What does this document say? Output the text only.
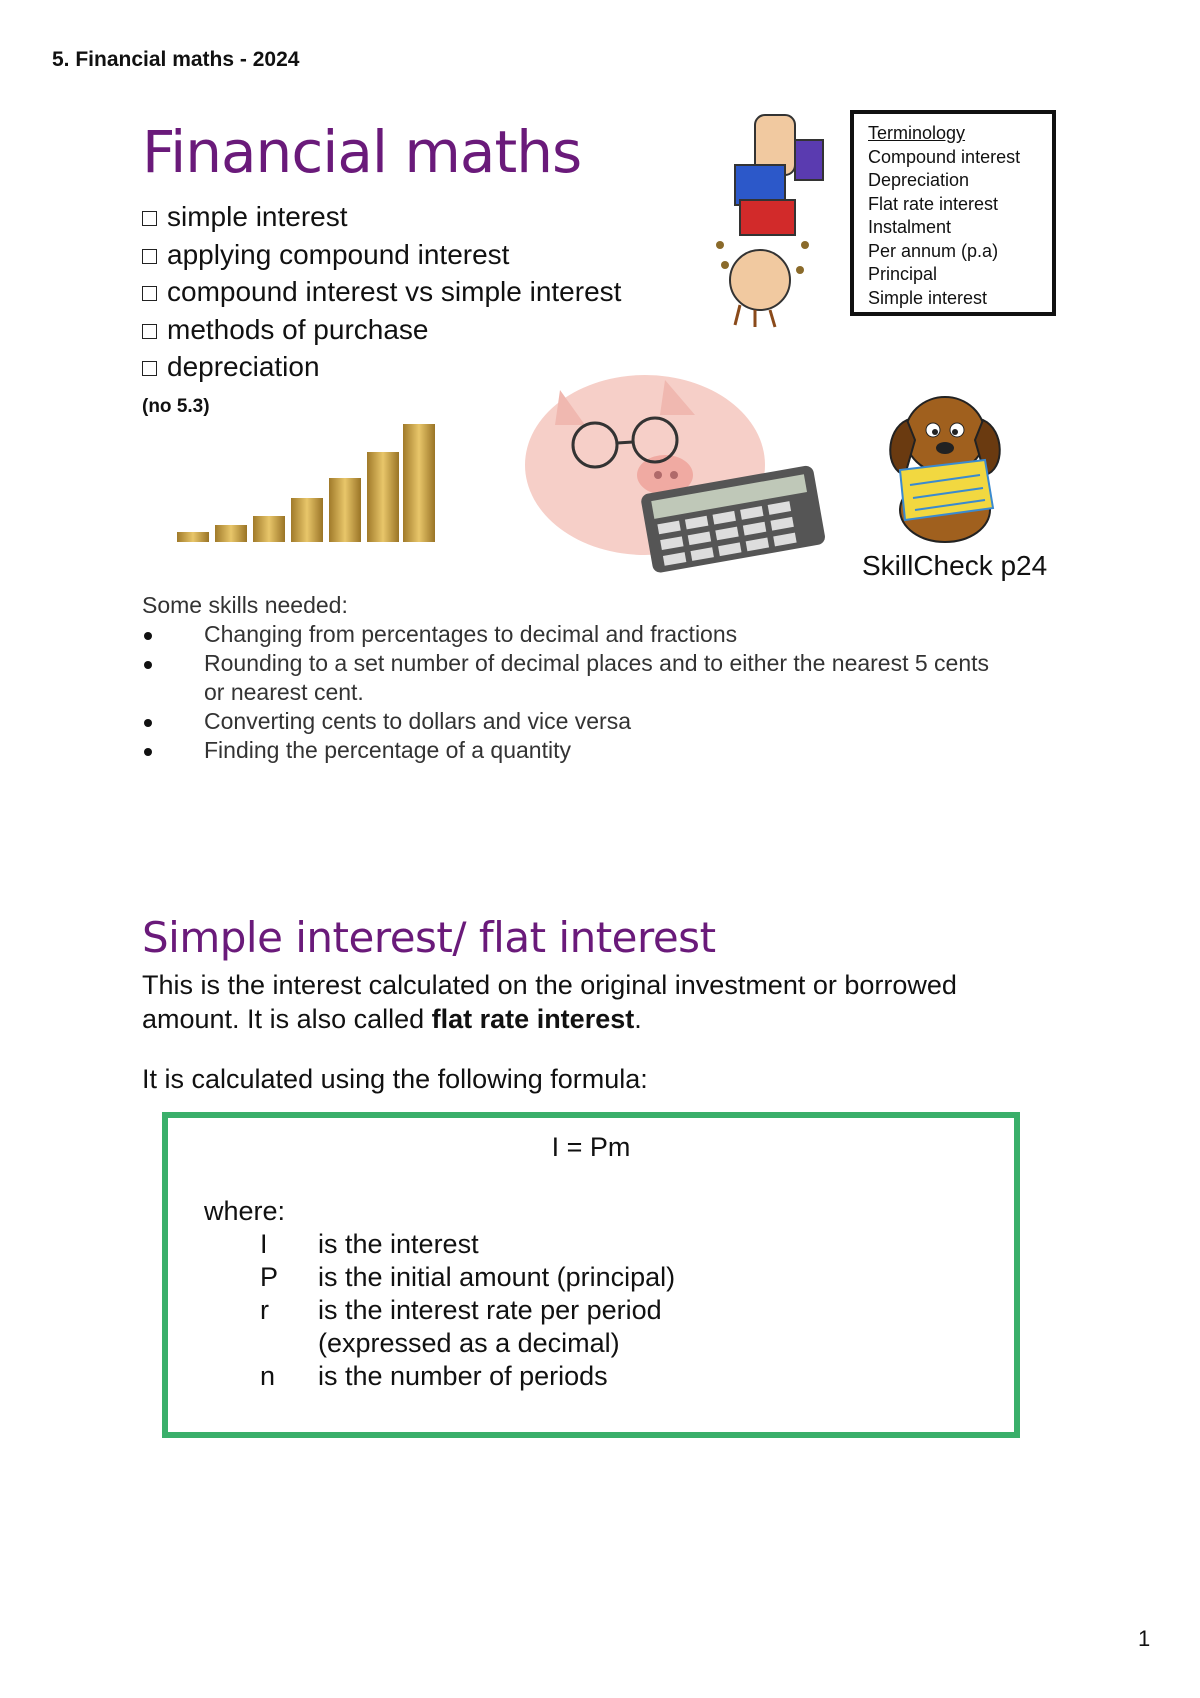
5. Financial maths - 2024
Financial maths
simple interest
applying compound interest
compound interest vs simple interest
methods of purchase
depreciation
(no 5.3)
Terminology
Compound interest
Depreciation
Flat rate interest
Instalment
Per annum (p.a)
Principal
Simple interest
SkillCheck p24
Some skills needed:
Changing from percentages to decimal and fractions
Rounding to a set number of decimal places and to either the nearest 5 cents or nearest cent.
Converting cents to dollars and vice versa
Finding the percentage of a quantity
Simple interest/ flat interest
This is the interest calculated on the original investment or borrowed amount. It is also called flat rate interest.
It is calculated using the following formula:
I = Pm
where:
I	is the interest
P	is the initial amount (principal)
r	is the interest rate per period (expressed as a decimal)
n	is the number of periods
1
